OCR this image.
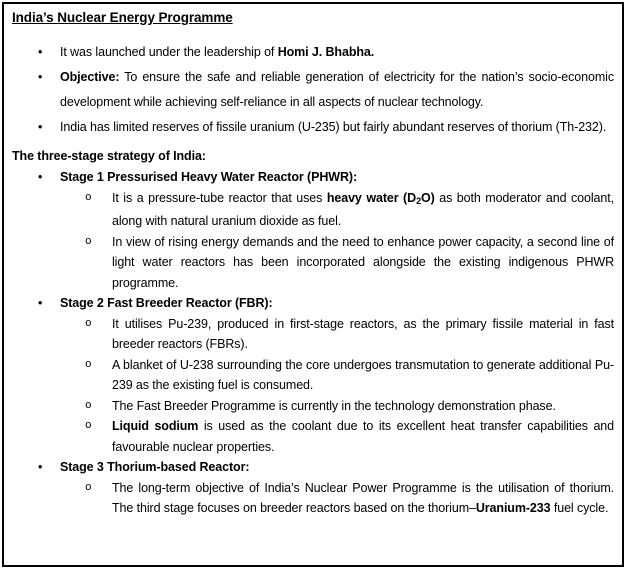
India’s Nuclear Energy Programme
• It was launched under the leadership of Homi J. Bhabha.
• Objective: To ensure the safe and reliable generation of electricity for the nation’s socio-economic development while achieving self-reliance in all aspects of nuclear technology.
• India has limited reserves of fissile uranium (U-235) but fairly abundant reserves of thorium (Th-232).
The three-stage strategy of India:
• Stage 1 Pressurised Heavy Water Reactor (PHWR):
o It is a pressure-tube reactor that uses heavy water $(D_2O)$ as both moderator and coolant, along with natural uranium dioxide as fuel.
o In view of rising energy demands and the need to enhance power capacity, a second line of light water reactors has been incorporated alongside the existing indigenous PHWR programme.
• Stage 2 Fast Breeder Reactor (FBR):
o It utilises Pu-239, produced in first-stage reactors, as the primary fissile material in fast breeder reactors (FBRs).
o A blanket of U-238 surrounding the core undergoes transmutation to generate additional Pu-239 as the existing fuel is consumed.
o The Fast Breeder Programme is currently in the technology demonstration phase.
o Liquid sodium is used as the coolant due to its excellent heat transfer capabilities and favourable nuclear properties.
• Stage 3 Thorium-based Reactor:
o The long-term objective of India’s Nuclear Power Programme is the utilisation of thorium. The third stage focuses on breeder reactors based on the thorium–Uranium-233 fuel cycle.
